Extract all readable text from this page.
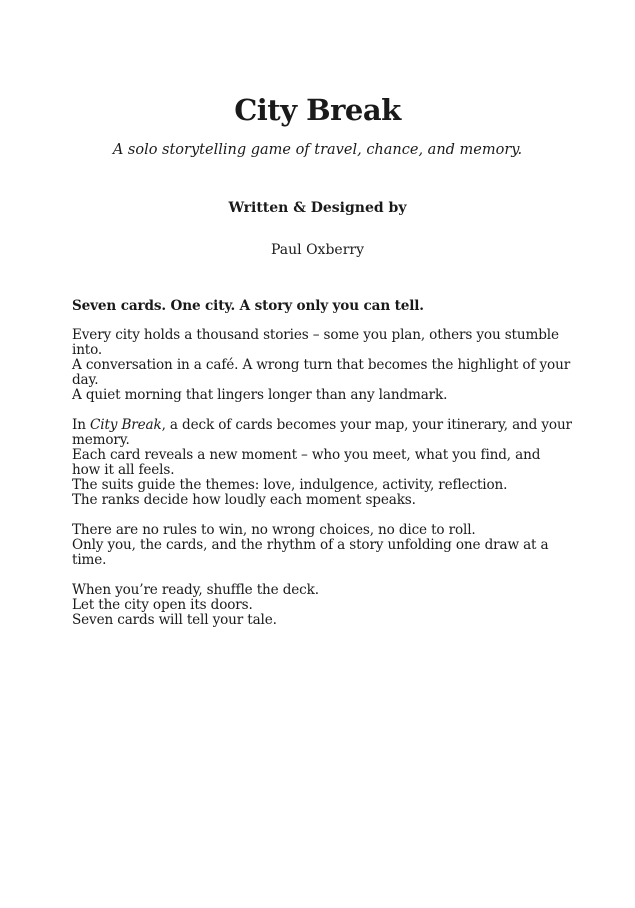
City Break
A solo storytelling game of travel, chance, and memory.
Written & Designed by
Paul Oxberry

Seven cards. One city. A story only you can tell.

Every city holds a thousand stories – some you plan, others you stumble into.
A conversation in a café. A wrong turn that becomes the highlight of your day.
A quiet morning that lingers longer than any landmark.

In City Break, a deck of cards becomes your map, your itinerary, and your memory.
Each card reveals a new moment – who you meet, what you find, and how it all feels.
The suits guide the themes: love, indulgence, activity, reflection.
The ranks decide how loudly each moment speaks.

There are no rules to win, no wrong choices, no dice to roll.
Only you, the cards, and the rhythm of a story unfolding one draw at a time.

When you’re ready, shuffle the deck.
Let the city open its doors.
Seven cards will tell your tale.
